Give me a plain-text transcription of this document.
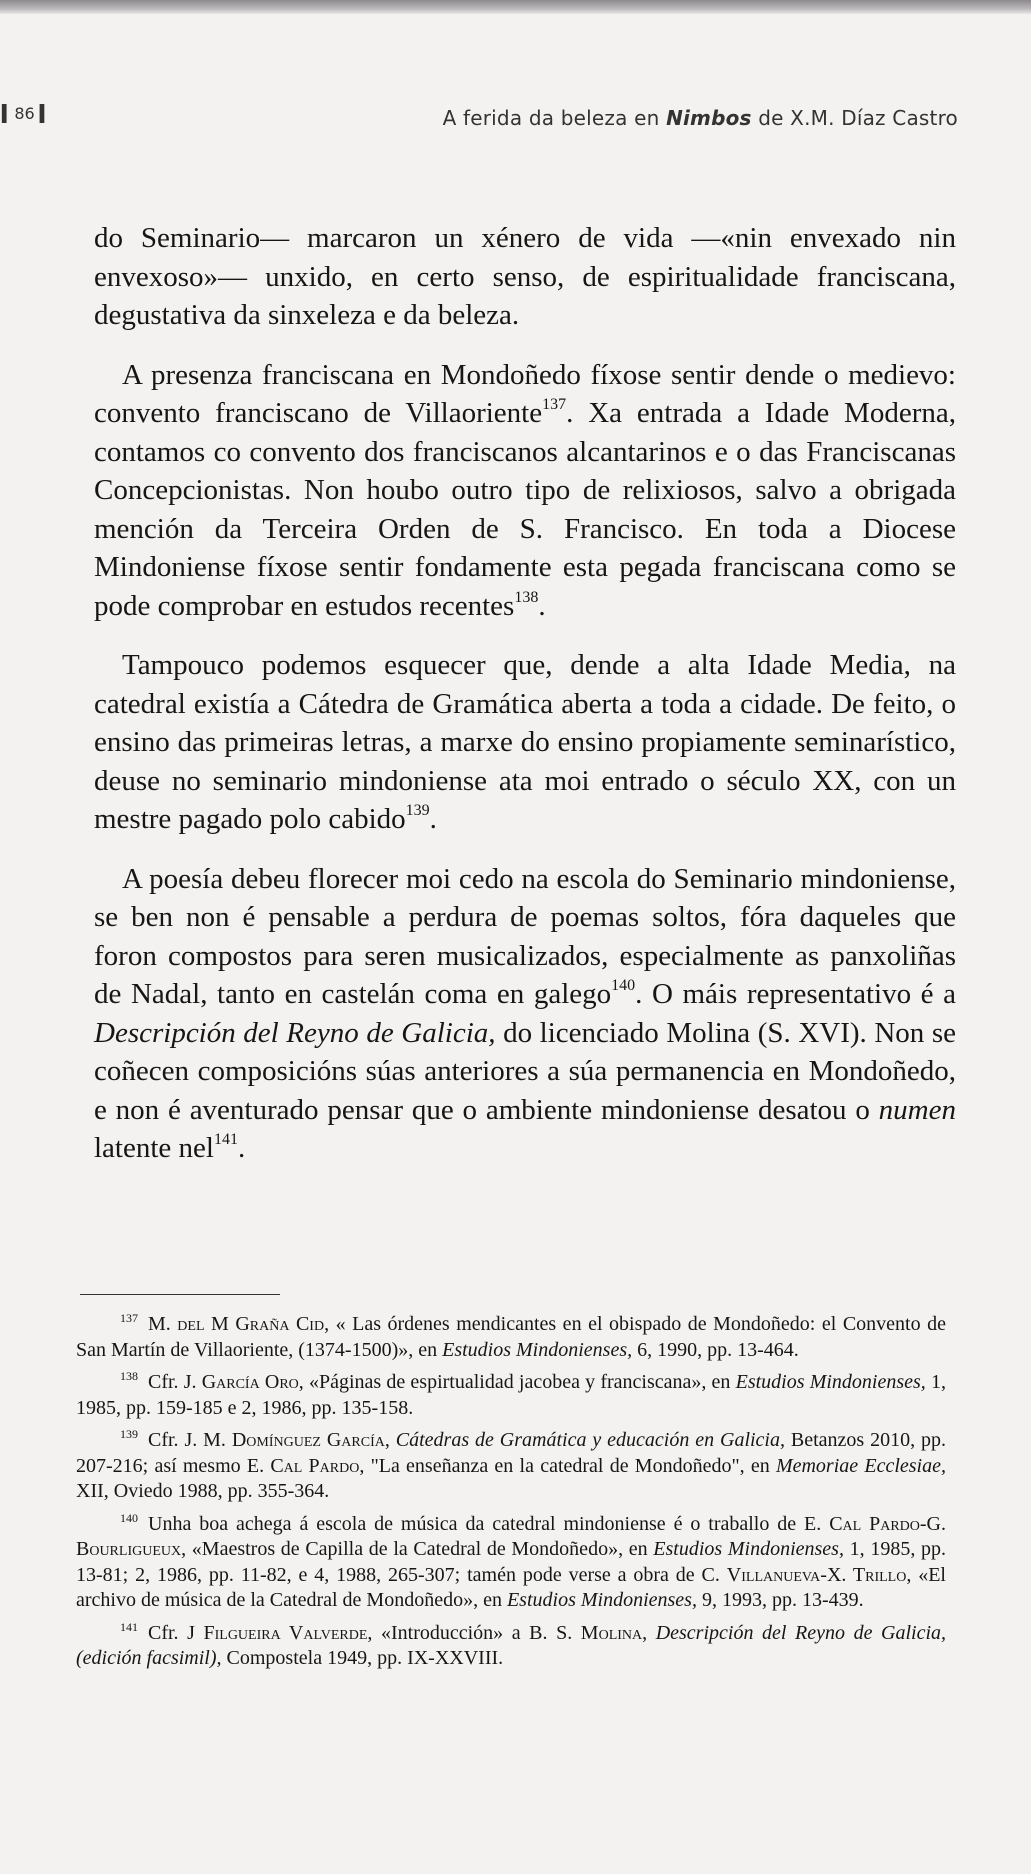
▍86 ▍	A ferida da beleza en Nimbos de X.M. Díaz Castro

do Seminario— marcaron un xénero de vida —«nin envexado nin envexoso»— unxido, en certo senso, de espiritualidade franciscana, degustativa da sinxeleza e da beleza.

A presenza franciscana en Mondoñedo fíxose sentir dende o medievo: convento franciscano de Villaoriente$^{137}$. Xa entrada a Idade Moderna, contamos co convento dos franciscanos alcantarinos e o das Franciscanas Concepcionistas. Non houbo outro tipo de relixiosos, salvo a obrigada mención da Terceira Orden de S. Francisco. En toda a Diocese Mindoniense fíxose sentir fondamente esta pegada franciscana como se pode comprobar en estudos recentes$^{138}$.

Tampouco podemos esquecer que, dende a alta Idade Media, na catedral existía a Cátedra de Gramática aberta a toda a cidade. De feito, o ensino das primeiras letras, a marxe do ensino propiamente seminarístico, deuse no seminario mindoniense ata moi entrado o século XX, con un mestre pagado polo cabido$^{139}$.

A poesía debeu florecer moi cedo na escola do Seminario mindoniense, se ben non é pensable a perdura de poemas soltos, fóra daqueles que foron compostos para seren musicalizados, especialmente as panxoliñas de Nadal, tanto en castelán coma en galego$^{140}$. O máis representativo é a Descripción del Reyno de Galicia, do licenciado Molina (S. XVI). Non se coñecen composicións súas anteriores a súa permanencia en Mondoñedo, e non é aventurado pensar que o ambiente mindoniense desatou o numen latente nel$^{141}$.

$^{137}$ M. del M Graña Cid, « Las órdenes mendicantes en el obispado de Mondoñedo: el Convento de San Martín de Villaoriente, (1374-1500)», en Estudios Mindonienses, 6, 1990, pp. 13-464.

$^{138}$ Cfr. J. García Oro, «Páginas de espirtualidad jacobea y franciscana», en Estudios Mindonienses, 1, 1985, pp. 159-185 e 2, 1986, pp. 135-158.

$^{139}$ Cfr. J. M. Domínguez García, Cátedras de Gramática y educación en Galicia, Betanzos 2010, pp. 207-216; así mesmo E. Cal Pardo, "La enseñanza en la catedral de Mondoñedo", en Memoriae Ecclesiae, XII, Oviedo 1988, pp. 355-364.

$^{140}$ Unha boa achega á escola de música da catedral mindoniense é o traballo de E. Cal Pardo-G. Bourligueux, «Maestros de Capilla de la Catedral de Mondoñedo», en Estudios Mindonienses, 1, 1985, pp. 13-81; 2, 1986, pp. 11-82, e 4, 1988, 265-307; tamén pode verse a obra de C. Villanueva-X. Trillo, «El archivo de música de la Catedral de Mondoñedo», en Estudios Mindonienses, 9, 1993, pp. 13-439.

$^{141}$ Cfr. J Filgueira Valverde, «Introducción» a B. S. Molina, Descripción del Reyno de Galicia, (edición facsimil), Compostela 1949, pp. IX-XXVIII.
